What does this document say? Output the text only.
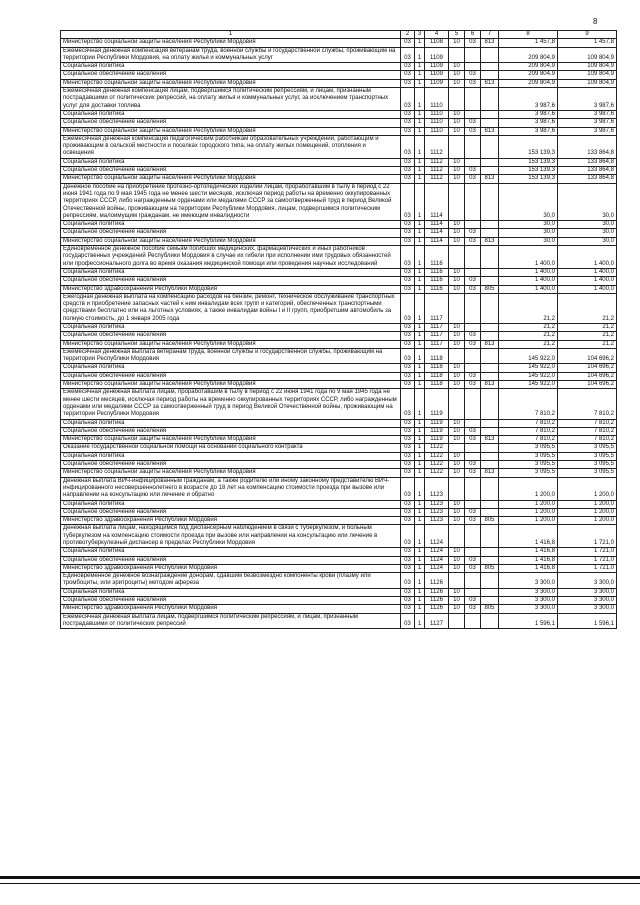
8
1	2	3	4	5	6	7	8	9
Министерство социальной защиты населения Республики Мордовия	03	1	1108	10	03	813	1 457,8	1 457,8
Ежемесячная денежная компенсация ветеранам труда, военной службы и государственной службы, проживающим на территории Республики Мордовия, на оплату жилья и коммунальных услуг	03	1	1109				209 804,9	109 804,9
Социальная политика	03	1	1109	10			209 804,9	109 804,9
Социальное обеспечение населения	03	1	1109	10	03		209 804,9	109 804,9
Министерство социальной защиты населения Республики Мордовия	03	1	1109	10	03	813	209 804,9	109 804,9
Ежемесячная денежная компенсация лицам, подвергшимся политическим репрессиям, и лицам, признанным пострадавшими от политических репрессий, на оплату жилья и коммунальных услуг, за исключением транспортных услуг для доставки топлива	03	1	1110				3 987,6	3 987,6
Социальная политика	03	1	1110	10			3 987,6	3 987,6
Социальное обеспечение населения	03	1	1110	10	03		3 987,6	3 987,6
Министерство социальной защиты населения Республики Мордовия	03	1	1110	10	03	813	3 987,6	3 987,6
Ежемесячная денежная компенсация педагогическим работникам образовательных учреждений, работающим и проживающим в сельской местности и поселках городского типа, на оплату жилых помещений, отопления и освещения	03	1	1112				153 139,3	133 864,8
Социальная политика	03	1	1112	10			153 139,3	133 864,8
Социальное обеспечение населения	03	1	1112	10	03		153 139,3	133 864,8
Министерство социальной защиты населения Республики Мордовия	03	1	1112	10	03	813	153 139,3	133 864,8
Денежное пособие на приобретение протезно-ортопедических изделий лицам, проработавшим в тылу в период с 22 июня 1941 года по 9 мая 1945 года не менее шести месяцев, исключая период работы на временно оккупированных территориях СССР, либо награжденным орденами или медалями СССР за самоотверженный труд в период Великой Отечественной войны, проживающим на территории Республики Мордовия, лицам, подвергшимся политическим репрессиям, малоимущим гражданам, не имеющим инвалидности	03	1	1114				30,0	30,0
Социальная политика	03	1	1114	10			30,0	30,0
Социальное обеспечение населения	03	1	1114	10	03		30,0	30,0
Министерство социальной защиты населения Республики Мордовия	03	1	1114	10	03	813	30,0	30,0
Единовременное денежное пособие семьям погибших медицинских, фармацевтических и иных работников государственных учреждений Республики Мордовия в случае их гибели при исполнении ими трудовых обязанностей или профессионального долга во время оказания медицинской помощи или проведения научных исследований	03	1	1116				1 400,0	1 400,0
Социальная политика	03	1	1116	10			1 400,0	1 400,0
Социальное обеспечение населения	03	1	1116	10	03		1 400,0	1 400,0
Министерство здравоохранения Республики Мордовия	03	1	1116	10	03	805	1 400,0	1 400,0
Ежегодная денежная выплата на компенсацию расходов на бензин, ремонт, техническое обслуживание транспортных средств и приобретение запасных частей к ним инвалидам всех групп и категорий, обеспеченных транспортными средствами бесплатно или на льготных условиях, а также инвалидам войны I и II групп, приобретшим автомобиль за полную стоимость, до 1 января 2005 года	03	1	1117				21,2	21,2
Социальная политика	03	1	1117	10			21,2	21,2
Социальное обеспечение населения	03	1	1117	10	03		21,2	21,2
Министерство социальной защиты населения Республики Мордовия	03	1	1117	10	03	813	21,2	21,2
Ежемесячная денежная выплата ветеранам труда, военной службы и государственной службы, проживающим на территории Республики Мордовия	03	1	1118				145 922,0	104 696,2
Социальная политика	03	1	1118	10			145 922,0	104 696,2
Социальное обеспечение населения	03	1	1118	10	03		145 922,0	104 696,2
Министерство социальной защиты населения Республики Мордовия	03	1	1118	10	03	813	145 922,0	104 696,2
Ежемесячная денежная выплата лицам, проработавшим в тылу в период с 22 июня 1941 года по 9 мая 1945 года не менее шести месяцев, исключая период работы на временно оккупированных территориях СССР, либо награжденным орденами или медалями СССР за самоотверженный труд в период Великой Отечественной войны, проживающим на территории Республики Мордовия	03	1	1119				7 810,2	7 810,2
Социальная политика	03	1	1119	10			7 810,2	7 810,2
Социальное обеспечение населения	03	1	1119	10	03		7 810,2	7 810,2
Министерство социальной защиты населения Республики Мордовия	03	1	1119	10	03	813	7 810,2	7 810,2
Оказание государственной социальной помощи на основании социального контракта	03	1	1122				3 095,5	3 095,5
Социальная политика	03	1	1122	10			3 095,5	3 095,5
Социальное обеспечение населения	03	1	1122	10	03		3 095,5	3 095,5
Министерство социальной защиты населения Республики Мордовия	03	1	1122	10	03	813	3 095,5	3 095,5
Денежная выплата ВИЧ-инфицированным гражданам, а также родителю или иному законному представителю ВИЧ-инфицированного несовершеннолетнего в возрасте до 18 лет на компенсацию стоимости проезда при вызове или направлении на консультацию или лечение и обратно	03	1	1123				1 200,0	1 200,0
Социальная политика	03	1	1123	10			1 200,0	1 200,0
Социальное обеспечение населения	03	1	1123	10	03		1 200,0	1 200,0
Министерство здравоохранения Республики Мордовия	03	1	1123	10	03	805	1 200,0	1 200,0
Денежная выплата лицам, находящимся под диспансерным наблюдением в связи с туберкулезом, и больным туберкулезом на компенсацию стоимости проезда при вызове или направлении на консультацию или лечение в противотуберкулезный диспансер в пределах Республики Мордовия	03	1	1124				1 416,8	1 721,0
Социальная политика	03	1	1124	10			1 416,8	1 721,0
Социальное обеспечение населения	03	1	1124	10	03		1 416,8	1 721,0
Министерство здравоохранения Республики Мордовия	03	1	1124	10	03	805	1 416,8	1 721,0
Единовременное денежное вознаграждение донорам, сдавшим безвозмездно компоненты крови (плазму или тромбоциты, или эритроциты) методом афереза	03	1	1126				3 300,0	3 300,0
Социальная политика	03	1	1126	10			3 300,0	3 300,0
Социальное обеспечение населения	03	1	1126	10	03		3 300,0	3 300,0
Министерство здравоохранения Республики Мордовия	03	1	1126	10	03	805	3 300,0	3 300,0
Ежемесячная денежная выплата лицам, подвергшимся политическим репрессиям, и лицам, признанным пострадавшими от политических репрессий	03	1	1127				1 596,1	1 596,1
